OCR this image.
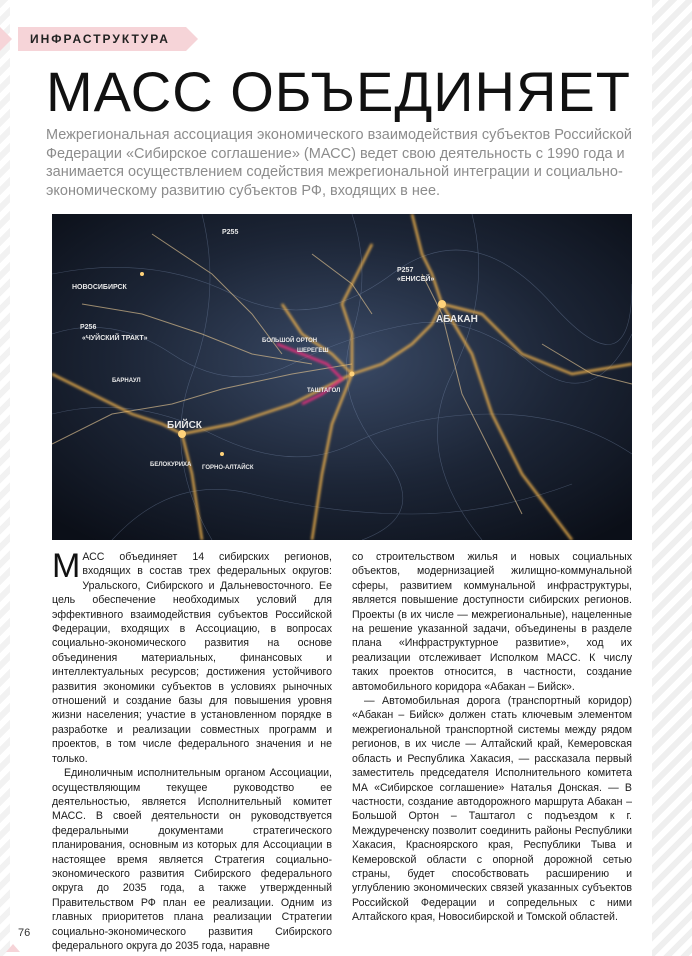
ИНФРАСТРУКТУРА
МАСС ОБЪЕДИНЯЕТ

Межрегиональная ассоциация экономического взаимодействия субъектов Российской Федерации «Сибирское соглашение» (МАСС) ведет свою деятельность с 1990 года и занимается осуществлением содействия межрегиональной интеграции и социально-экономическому развитию субъектов РФ, входящих в нее.

Р255
НОВОСИБИРСК
Р256
«ЧУЙСКИЙ ТРАКТ»
Р257
«ЕНИСЕЙ»
АБАКАН
БИЙСК
БЕЛОКУРИХА
БАРНАУЛ
ГОРНО-АЛТАЙСК
ТАШТАГОЛ
ШЕРЕГЕШ
БОЛЬШОЙ ОРТОН

МАСС объединяет 14 сибирских регионов, входящих в состав трех федеральных округов: Уральского, Сибирского и Дальневосточного. Ее цель обеспечение необходимых условий для эффективного взаимодействия субъектов Российской Федерации, входящих в Ассоциацию, в вопросах социально-экономического развития на основе объединения материальных, финансовых и интеллектуальных ресурсов; достижения устойчивого развития экономики субъектов в условиях рыночных отношений и создание базы для повышения уровня жизни населения; участие в установленном порядке в разработке и реализации совместных программ и проектов, в том числе федерального значения и не только.

Единоличным исполнительным органом Ассоциации, осуществляющим текущее руководство ее деятельностью, является Исполнительный комитет МАСС. В своей деятельности он руководствуется федеральными документами стратегического планирования, основным из которых для Ассоциации в настоящее время является Стратегия социально-экономического развития Сибирского федерального округа до 2035 года, а также утвержденный Правительством РФ план ее реализации. Одним из главных приоритетов плана реализации Стратегии социально-экономического развития Сибирского федерального округа до 2035 года, наравне

со строительством жилья и новых социальных объектов, модернизацией жилищно-коммунальной сферы, развитием коммунальной инфраструктуры, является повышение доступности сибирских регионов. Проекты (в их числе — межрегиональные), нацеленные на решение указанной задачи, объединены в разделе плана «Инфраструктурное развитие», ход их реализации отслеживает Исполком МАСС. К числу таких проектов относится, в частности, создание автомобильного коридора «Абакан – Бийск».

— Автомобильная дорога (транспортный коридор) «Абакан – Бийск» должен стать ключевым элементом межрегиональной транспортной системы между рядом регионов, в их числе — Алтайский край, Кемеровская область и Республика Хакасия, — рассказала первый заместитель председателя Исполнительного комитета МА «Сибирское соглашение» Наталья Донская. — В частности, создание автодорожного маршрута Абакан – Большой Ортон – Таштагол с подъездом к г. Междуреченску позволит соединить районы Республики Хакасия, Красноярского края, Республики Тыва и Кемеровской области с опорной дорожной сетью страны, будет способствовать расширению и углублению экономических связей указанных субъектов Российской Федерации и сопредельных с ними Алтайского края, Новосибирской и Томской областей.

76
